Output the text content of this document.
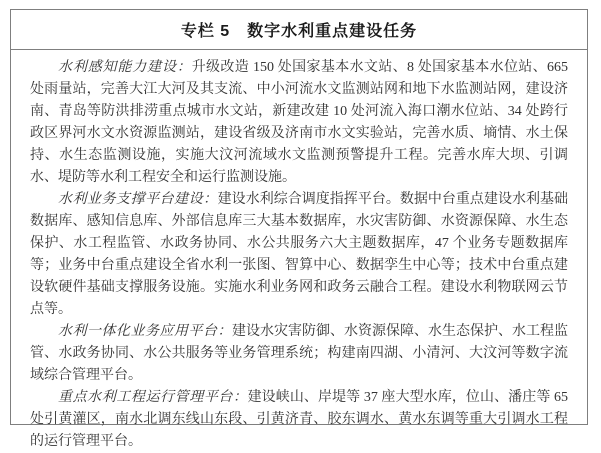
专栏 5　数字水利重点建设任务

水利感知能力建设：升级改造 150 处国家基本水文站、8 处国家基本水位站、665 处雨量站，完善大江大河及其支流、中小河流水文监测站网和地下水监测站网，建设济南、青岛等防洪排涝重点城市水文站，新建改建 10 处河流入海口潮水位站、34 处跨行政区界河水文水资源监测站，建设省级及济南市水文实验站，完善水质、墒情、水土保持、水生态监测设施，实施大汶河流域水文监测预警提升工程。完善水库大坝、引调水、堤防等水利工程安全和运行监测设施。

水利业务支撑平台建设：建设水利综合调度指挥平台。数据中台重点建设水利基础数据库、感知信息库、外部信息库三大基本数据库，水灾害防御、水资源保障、水生态保护、水工程监管、水政务协同、水公共服务六大主题数据库，47 个业务专题数据库等；业务中台重点建设全省水利一张图、智算中心、数据孪生中心等；技术中台重点建设软硬件基础支撑服务设施。实施水利业务网和政务云融合工程。建设水利物联网云节点等。

水利一体化业务应用平台：建设水灾害防御、水资源保障、水生态保护、水工程监管、水政务协同、水公共服务等业务管理系统；构建南四湖、小清河、大汶河等数字流域综合管理平台。

重点水利工程运行管理平台：建设峡山、岸堤等 37 座大型水库，位山、潘庄等 65 处引黄灌区，南水北调东线山东段、引黄济青、胶东调水、黄水东调等重大引调水工程的运行管理平台。
